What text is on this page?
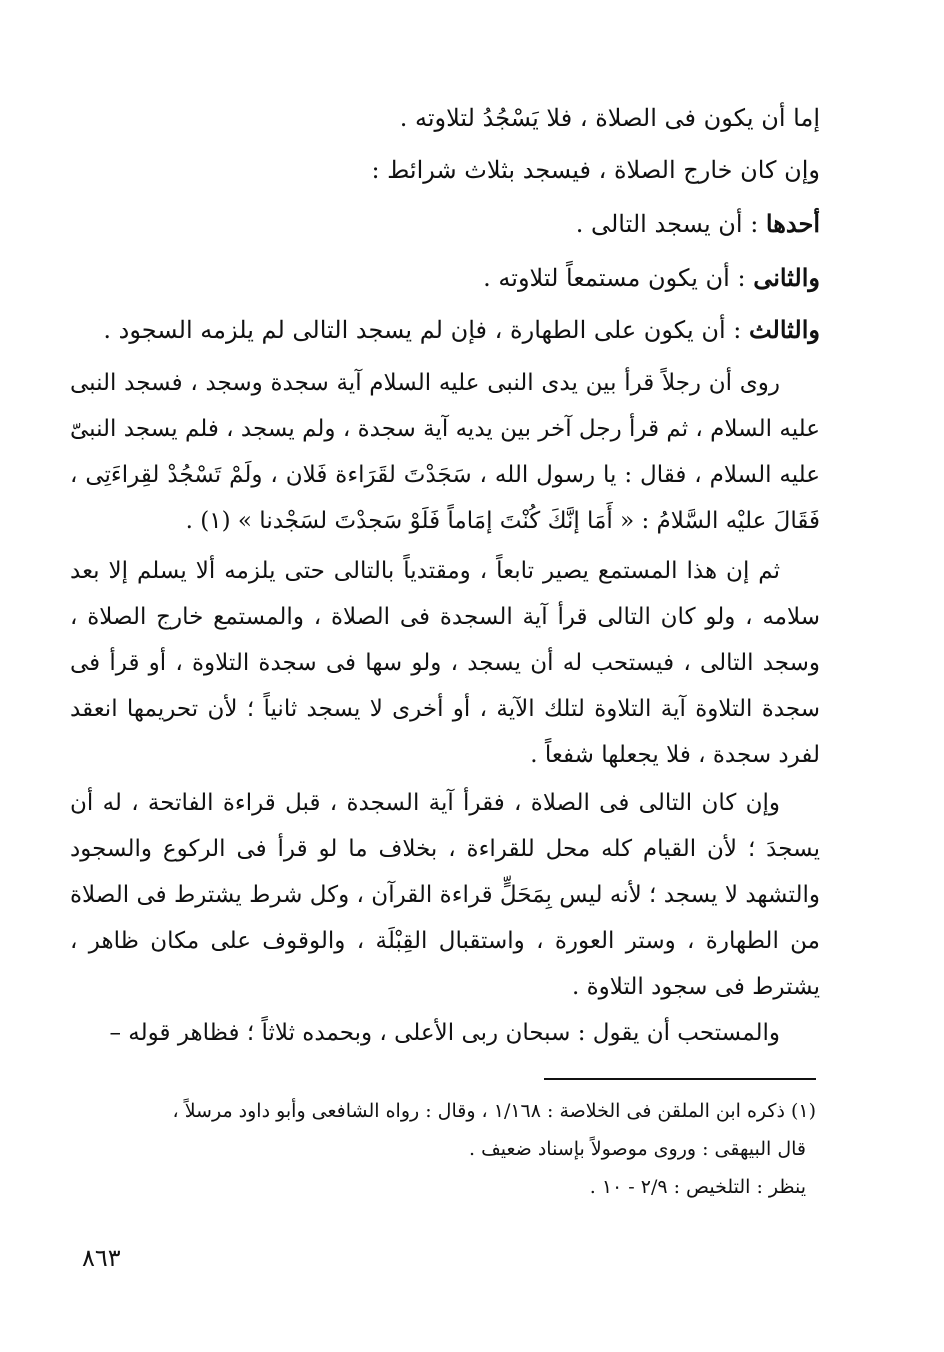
إما أن يكون فى الصلاة ، فلا يَسْجُدُ لتلاوته .
وإن كان خارج الصلاة ، فيسجد بثلاث شرائط :
أحدها : أن يسجد التالى .
والثانى : أن يكون مستمعاً لتلاوته .
والثالث : أن يكون على الطهارة ، فإن لم يسجد التالى لم يلزمه السجود .
روى أن رجلاً قرأ بين يدى النبى عليه السلام آية سجدة وسجد ، فسجد النبى عليه السلام ، ثم قرأ رجل آخر بين يديه آية سجدة ، ولم يسجد ، فلم يسجد النبىّ عليه السلام ، فقال : يا رسول الله ، سَجَدْتَ لقَرَاءة فَلان ، ولَمْ تَسْجُدْ لقِراءَتِى ، فَقَالَ عليْه السَّلامُ : « أَمَا إنَّكَ كُنْتَ إمَاماً فَلَوْ سَجدْتَ لسَجْدنا » (١) .
ثم إن هذا المستمع يصير تابعاً ، ومقتدياً بالتالى حتى يلزمه ألا يسلم إلا بعد سلامه ، ولو كان التالى قرأ آية السجدة فى الصلاة ، والمستمع خارج الصلاة ، وسجد التالى ، فيستحب له أن يسجد ، ولو سها فى سجدة التلاوة ، أو قرأ فى سجدة التلاوة آية التلاوة لتلك الآية ، أو أخرى لا يسجد ثانياً ؛ لأن تحريمها انعقد لفرد سجدة ، فلا يجعلها شفعاً .
وإن كان التالى فى الصلاة ، فقرأ آية السجدة ، قبل قراءة الفاتحة ، له أن يسجدَ ؛ لأن القيام كله محل للقراءة ، بخلاف ما لو قرأ فى الركوع والسجود والتشهد لا يسجد ؛ لأنه ليس بِمَحَلٍّ قراءة القرآن ، وكل شرط يشترط فى الصلاة من الطهارة ، وستر العورة ، واستقبال القِبْلَة ، والوقوف على مكان ظاهر ، يشترط فى سجود التلاوة .
والمستحب أن يقول : سبحان ربى الأعلى ، وبحمده ثلاثاً ؛ فظاهر قوله –
(١) ذكره ابن الملقن فى الخلاصة : ١/١٦٨ ، وقال : رواه الشافعى وأبو داود مرسلاً ،
قال البيهقى : وروى موصولاً بإسناد ضعيف .
ينظر : التلخيص : ٢/٩ - ١٠ .
٨٦٣
